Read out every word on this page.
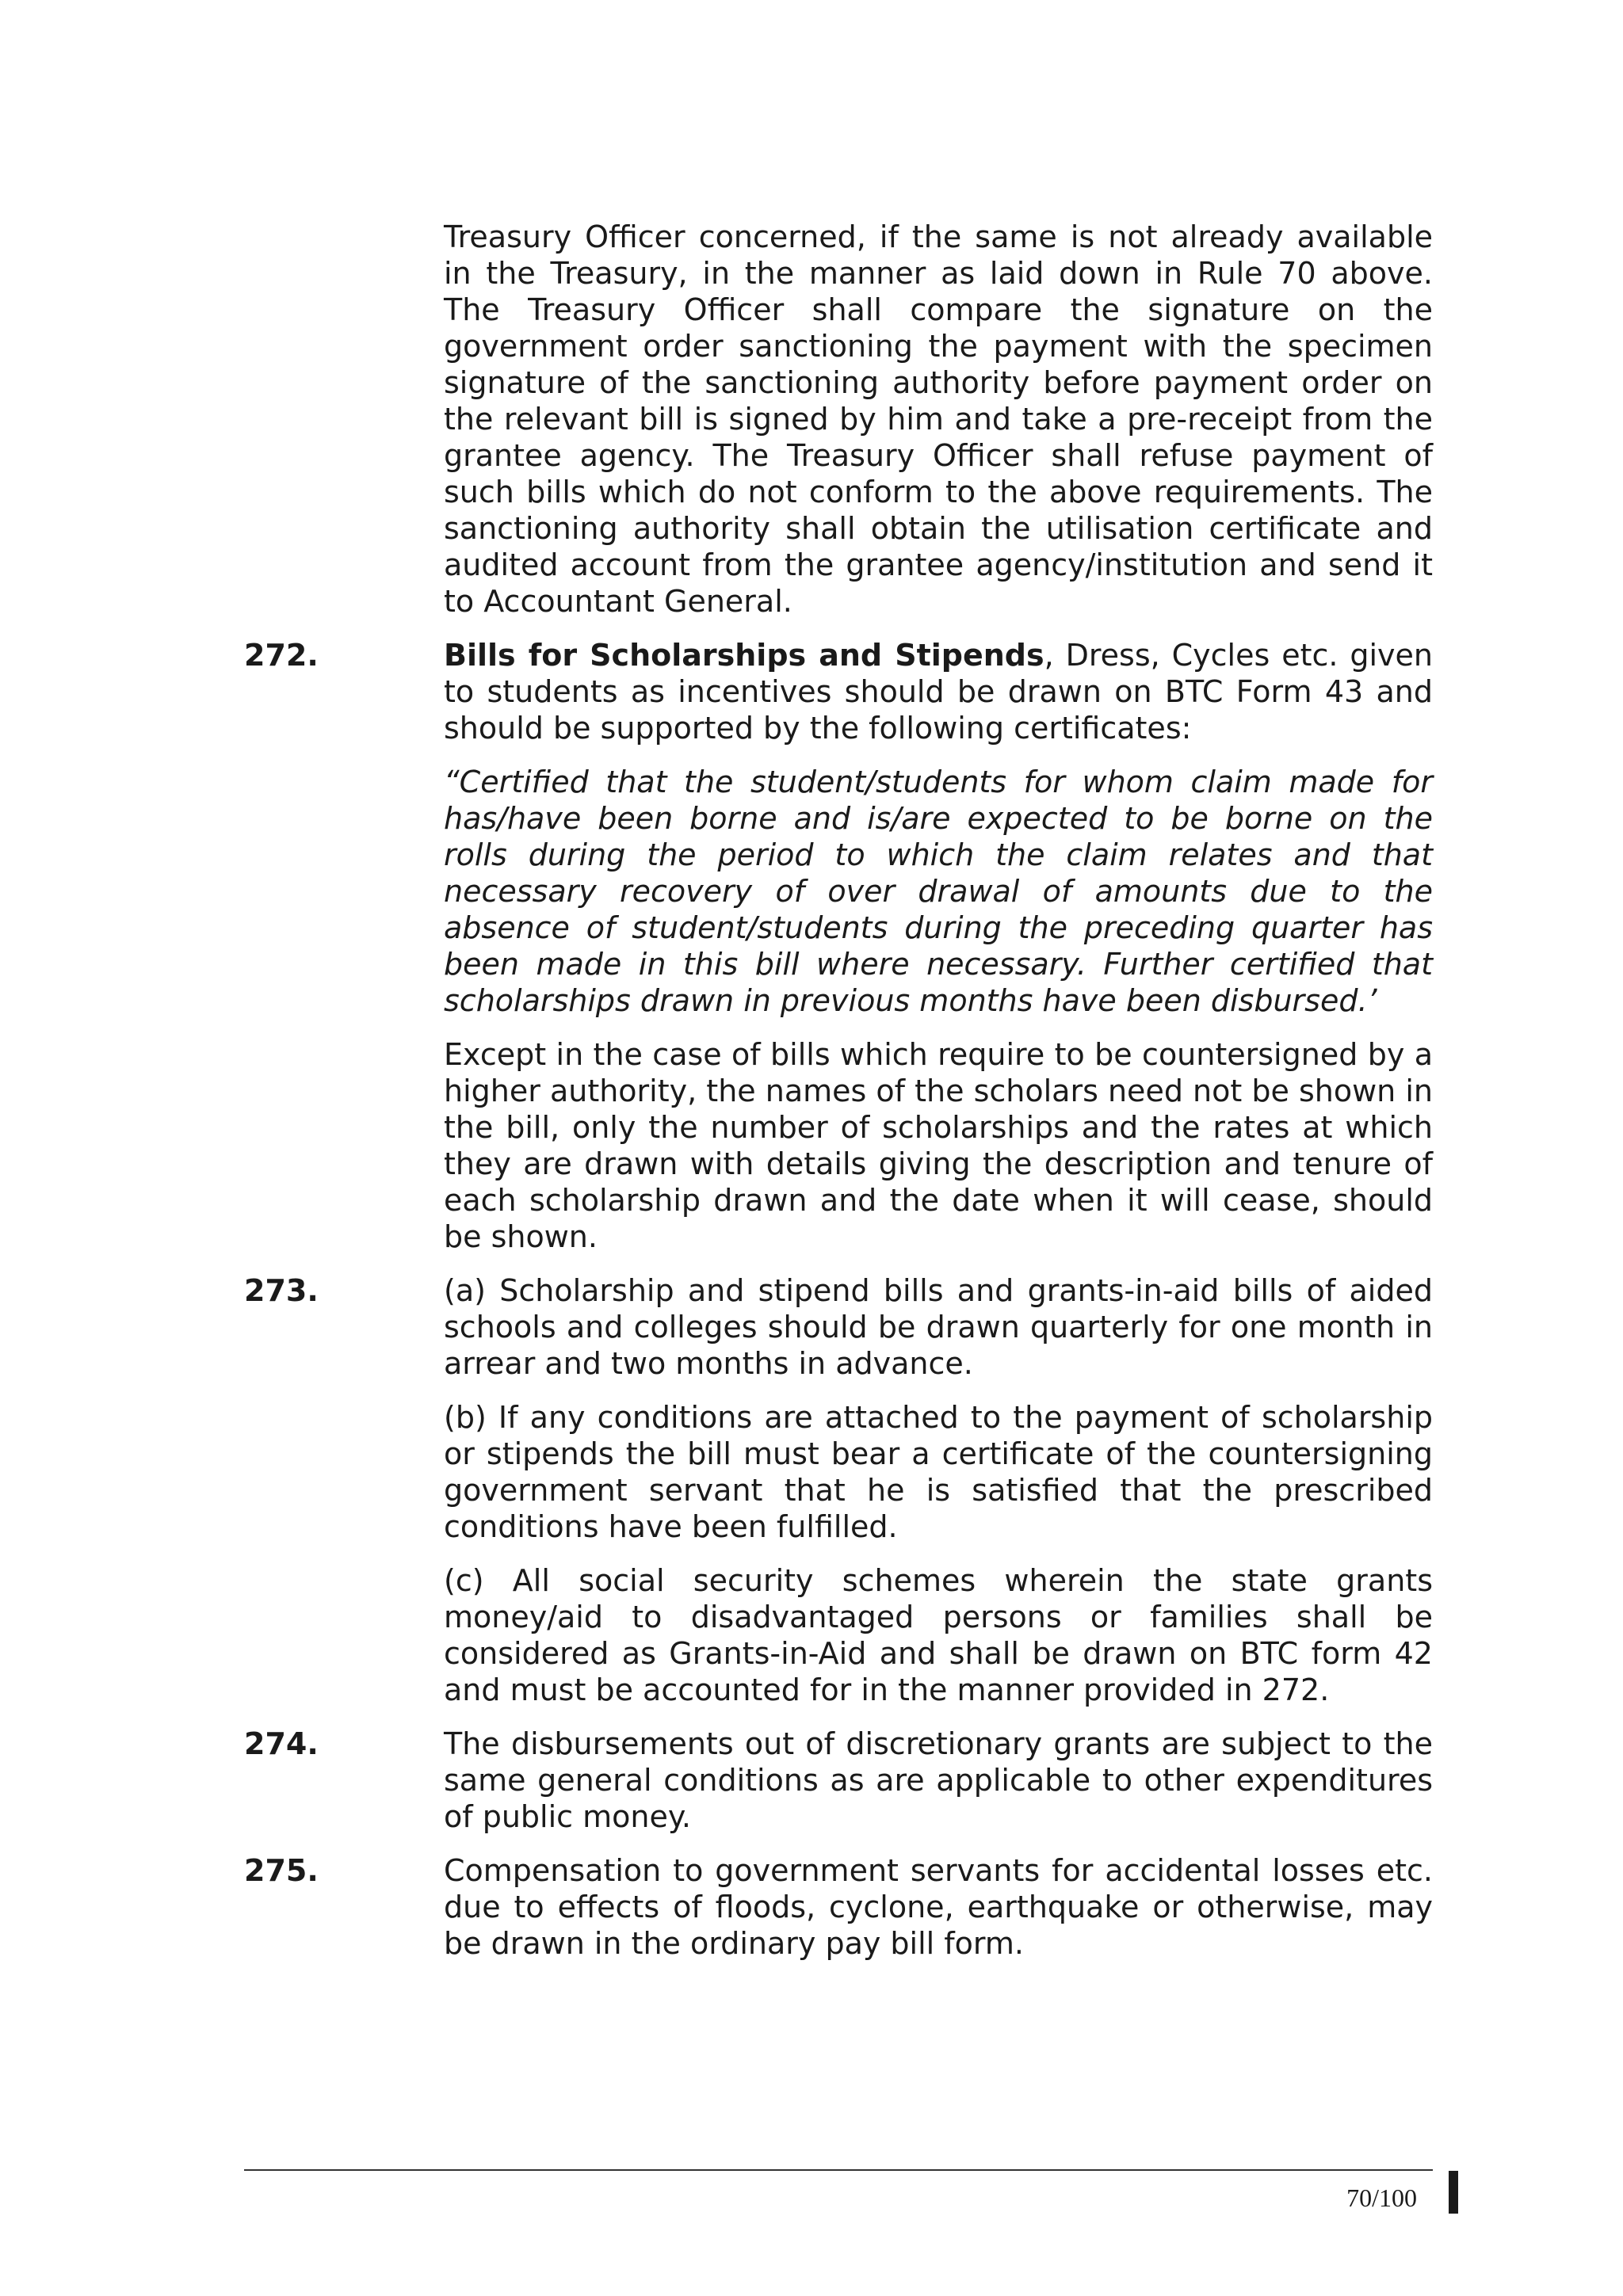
Treasury Officer concerned, if the same is not already available in the Treasury, in the manner as laid down in Rule 70 above. The Treasury Officer shall compare the signature on the government order sanctioning the payment with the specimen signature of the sanctioning authority before payment order on the relevant bill is signed by him and take a pre-receipt from the grantee agency. The Treasury Officer shall refuse payment of such bills which do not conform to the above requirements. The sanctioning authority shall obtain the utilisation certificate and audited account from the grantee agency/institution and send it to Accountant General.

272.	Bills for Scholarships and Stipends, Dress, Cycles etc. given to students as incentives should be drawn on BTC Form 43 and should be supported by the following certificates:

“Certified that the student/students for whom claim made for has/have been borne and is/are expected to be borne on the rolls during the period to which the claim relates and that necessary recovery of over drawal of amounts due to the absence of student/students during the preceding quarter has been made in this bill where necessary. Further certified that scholarships drawn in previous months have been disbursed.’

Except in the case of bills which require to be countersigned by a higher authority, the names of the scholars need not be shown in the bill, only the number of scholarships and the rates at which they are drawn with details giving the description and tenure of each scholarship drawn and the date when it will cease, should be shown.

273.	(a) Scholarship and stipend bills and grants-in-aid bills of aided schools and colleges should be drawn quarterly for one month in arrear and two months in advance.

(b) If any conditions are attached to the payment of scholarship or stipends the bill must bear a certificate of the countersigning government servant that he is satisfied that the prescribed conditions have been fulfilled.

(c) All social security schemes wherein the state grants money/aid to disadvantaged persons or families shall be considered as Grants-in-Aid and shall be drawn on BTC form 42 and must be accounted for in the manner provided in 272.

274.	The disbursements out of discretionary grants are subject to the same general conditions as are applicable to other expenditures of public money.

275.	Compensation to government servants for accidental losses etc. due to effects of floods, cyclone, earthquake or otherwise, may be drawn in the ordinary pay bill form.

70/100
